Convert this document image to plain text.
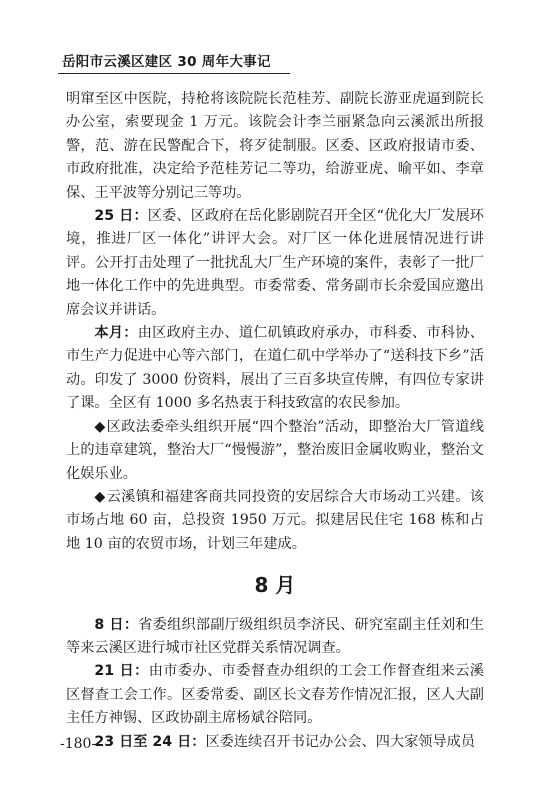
岳阳市云溪区建区 30 周年大事记

明窜至区中医院，持枪将该院院长范桂芳、副院长游亚虎逼到院长办公室，索要现金 1 万元。该院会计李兰丽紧急向云溪派出所报警，范、游在民警配合下，将歹徒制服。区委、区政府报请市委、市政府批准，决定给予范桂芳记二等功，给游亚虎、喻平如、李章保、王平波等分别记三等功。

25 日：区委、区政府在岳化影剧院召开全区“优化大厂发展环境，推进厂区一体化”讲评大会。对厂区一体化进展情况进行讲评。公开打击处理了一批扰乱大厂生产环境的案件，表彰了一批厂地一体化工作中的先进典型。市委常委、常务副市长余爱国应邀出席会议并讲话。

本月：由区政府主办、道仁矶镇政府承办，市科委、市科协、市生产力促进中心等六部门，在道仁矶中学举办了“送科技下乡”活动。印发了 3000 份资料，展出了三百多块宣传牌，有四位专家讲了课。全区有 1000 多名热衷于科技致富的农民参加。

◆区政法委牵头组织开展“四个整治”活动，即整治大厂管道线上的违章建筑，整治大厂“慢慢游”，整治废旧金属收购业，整治文化娱乐业。

◆云溪镇和福建客商共同投资的安居综合大市场动工兴建。该市场占地 60 亩，总投资 1950 万元。拟建居民住宅 168 栋和占地 10 亩的农贸市场，计划三年建成。

8 月

8 日：省委组织部副厅级组织员李济民、研究室副主任刘和生等来云溪区进行城市社区党群关系情况调查。

21 日：由市委办、市委督查办组织的工会工作督查组来云溪区督查工会工作。区委常委、副区长文春芳作情况汇报，区人大副主任方神锡、区政协副主席杨斌谷陪同。

23 日至 24 日：区委连续召开书记办公会、四大家领导成员

-180-
